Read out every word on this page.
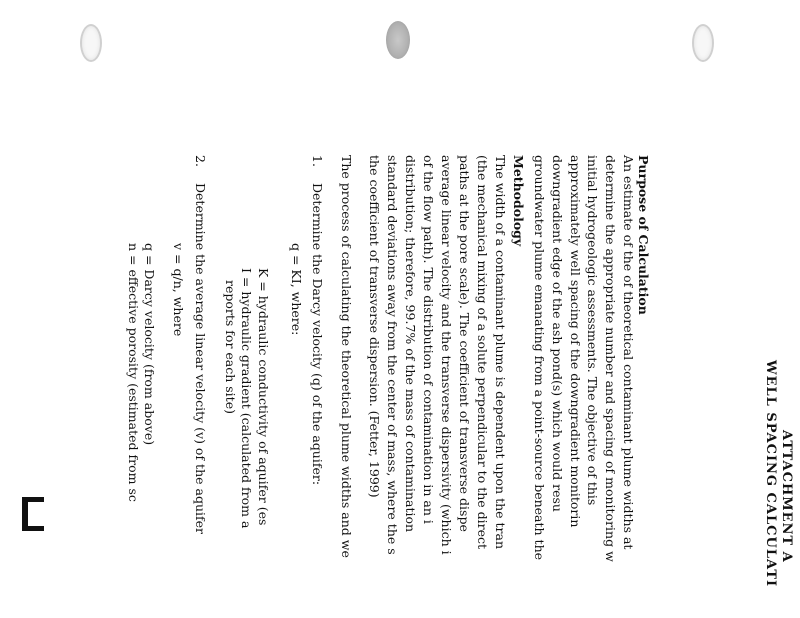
ATTACHMENT A
WELL SPACING CALCULATI
Purpose of Calculation
An estimate of the of theoretical contaminant plume widths at
determine the appropriate number and spacing of monitoring w
initial hydrogeologic assessments. The objective of this
approximately well spacing of the downgradient monitorin
downgradient edge of the ash pond(s) which would resu
groundwater plume emanating from a point-source beneath the
Methodology
The width of a contaminant plume is dependent upon the tran
(the mechanical mixing of a solute perpendicular to the direct
paths at the pore scale). The coefficient of transverse dispe
average linear velocity and the transverse dispersivity (which i
of the flow path). The distribution of contamination in an i
distribution; therefore, 99.7% of the mass of contamination
standard deviations away from the center of mass, where the s
the coefficient of transverse dispersion. (Fetter, 1999)
The process of calculating the theoretical plume widths and we
1.
Determine the Darcy velocity (q) of the aquifer:
q = KI, where:
K = hydraulic conductivity of aquifer (es
I = hydraulic gradient (calculated from a
reports for each site)
2.
Determine the average linear velocity (v) of the aquifer
v = q/n, where
q = Darcy velocity (from above)
n = effective porosity (estimated from sc
